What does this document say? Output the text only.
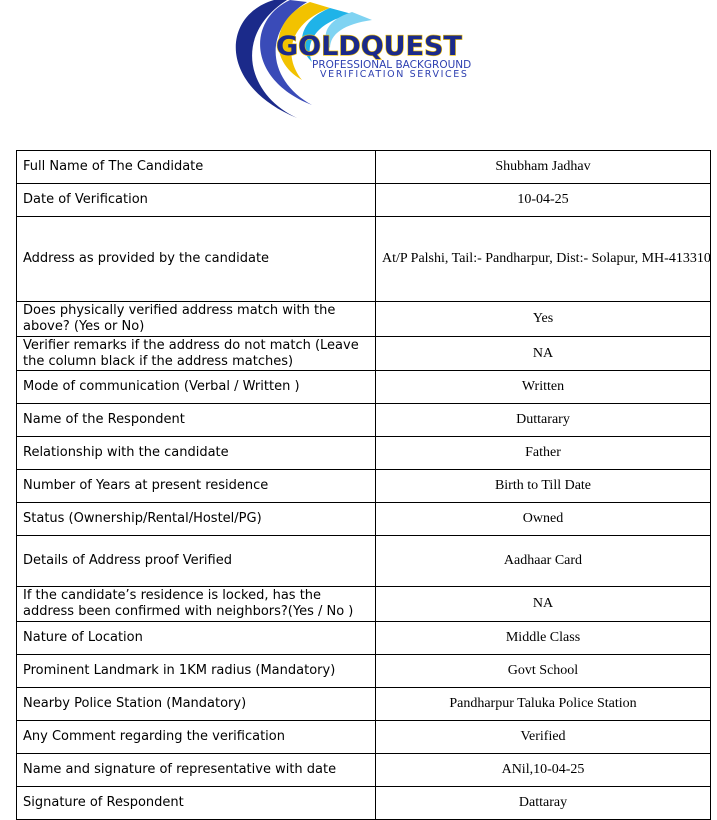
GOLDQUEST
PROFESSIONAL BACKGROUND
VERIFICATION SERVICES
Full Name of The Candidate	Shubham Jadhav
Date of Verification	10-04-25
Address as provided by the candidate	At/P Palshi, Tail:- Pandharpur, Dist:- Solapur, MH-413310
Does physically verified address match with the above? (Yes or No)	Yes
Verifier remarks if the address do not match (Leave the column black if the address matches)	NA
Mode of communication (Verbal / Written )	Written
Name of the Respondent	Duttarary
Relationship with the candidate	Father
Number of Years at present residence	Birth to Till Date
Status (Ownership/Rental/Hostel/PG)	Owned
Details of Address proof Verified	Aadhaar Card
If the candidate’s residence is locked, has the address been confirmed with neighbors?(Yes / No )	NA
Nature of Location	Middle Class
Prominent Landmark in 1KM radius (Mandatory)	Govt School
Nearby Police Station (Mandatory)	Pandharpur Taluka Police Station
Any Comment regarding the verification	Verified
Name and signature of representative with date	ANil,10-04-25
Signature of Respondent	Dattaray
